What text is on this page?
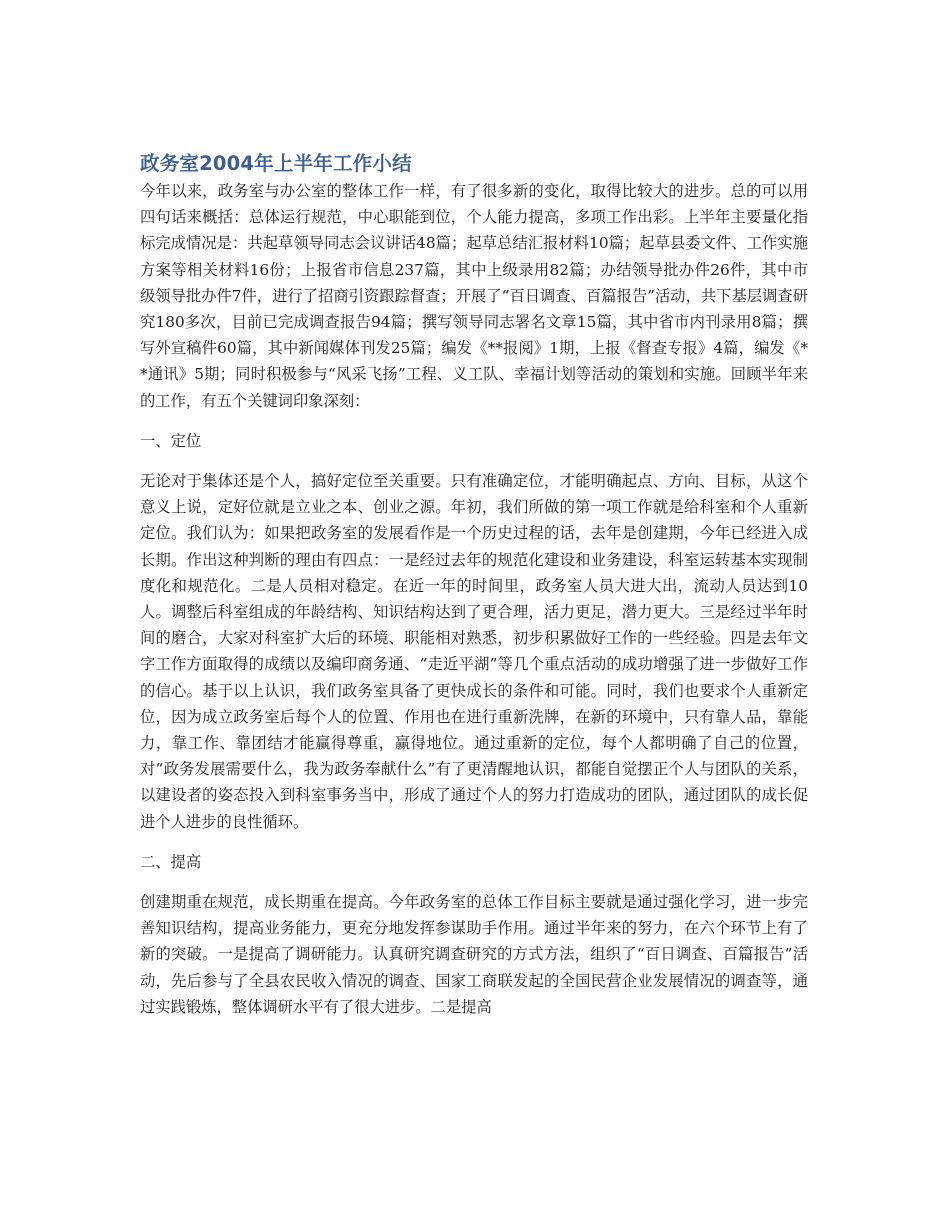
政务室2004年上半年工作小结

今年以来，政务室与办公室的整体工作一样，有了很多新的变化，取得比较大的进步。总的可以用四句话来概括：总体运行规范，中心职能到位，个人能力提高，多项工作出彩。上半年主要量化指标完成情况是：共起草领导同志会议讲话48篇；起草总结汇报材料10篇；起草县委文件、工作实施方案等相关材料16份；上报省市信息237篇，其中上级录用82篇；办结领导批办件26件，其中市级领导批办件7件，进行了招商引资跟踪督查；开展了“百日调查、百篇报告”活动，共下基层调查研究180多次，目前已完成调查报告94篇；撰写领导同志署名文章15篇，其中省市内刊录用8篇；撰写外宣稿件60篇，其中新闻媒体刊发25篇；编发《**报阅》1期，上报《督查专报》4篇，编发《**通讯》5期；同时积极参与“风采飞扬”工程、义工队、幸福计划等活动的策划和实施。回顾半年来的工作，有五个关键词印象深刻：

一、定位

无论对于集体还是个人，搞好定位至关重要。只有准确定位，才能明确起点、方向、目标，从这个意义上说，定好位就是立业之本、创业之源。年初，我们所做的第一项工作就是给科室和个人重新定位。我们认为：如果把政务室的发展看作是一个历史过程的话，去年是创建期，今年已经进入成长期。作出这种判断的理由有四点：一是经过去年的规范化建设和业务建设，科室运转基本实现制度化和规范化。二是人员相对稳定。在近一年的时间里，政务室人员大进大出，流动人员达到10人。调整后科室组成的年龄结构、知识结构达到了更合理，活力更足，潜力更大。三是经过半年时间的磨合，大家对科室扩大后的环境、职能相对熟悉，初步积累做好工作的一些经验。四是去年文字工作方面取得的成绩以及编印商务通、“走近平湖”等几个重点活动的成功增强了进一步做好工作的信心。基于以上认识，我们政务室具备了更快成长的条件和可能。同时，我们也要求个人重新定位，因为成立政务室后每个人的位置、作用也在进行重新洗牌，在新的环境中，只有靠人品，靠能力，靠工作、靠团结才能赢得尊重，赢得地位。通过重新的定位，每个人都明确了自己的位置，对“政务发展需要什么，我为政务奉献什么”有了更清醒地认识，都能自觉摆正个人与团队的关系，以建设者的姿态投入到科室事务当中，形成了通过个人的努力打造成功的团队，通过团队的成长促进个人进步的良性循环。

二、提高

创建期重在规范，成长期重在提高。今年政务室的总体工作目标主要就是通过强化学习，进一步完善知识结构，提高业务能力，更充分地发挥参谋助手作用。通过半年来的努力，在六个环节上有了新的突破。一是提高了调研能力。认真研究调查研究的方式方法，组织了“百日调查、百篇报告”活动，先后参与了全县农民收入情况的调查、国家工商联发起的全国民营企业发展情况的调查等，通过实践锻炼，整体调研水平有了很大进步。二是提高
